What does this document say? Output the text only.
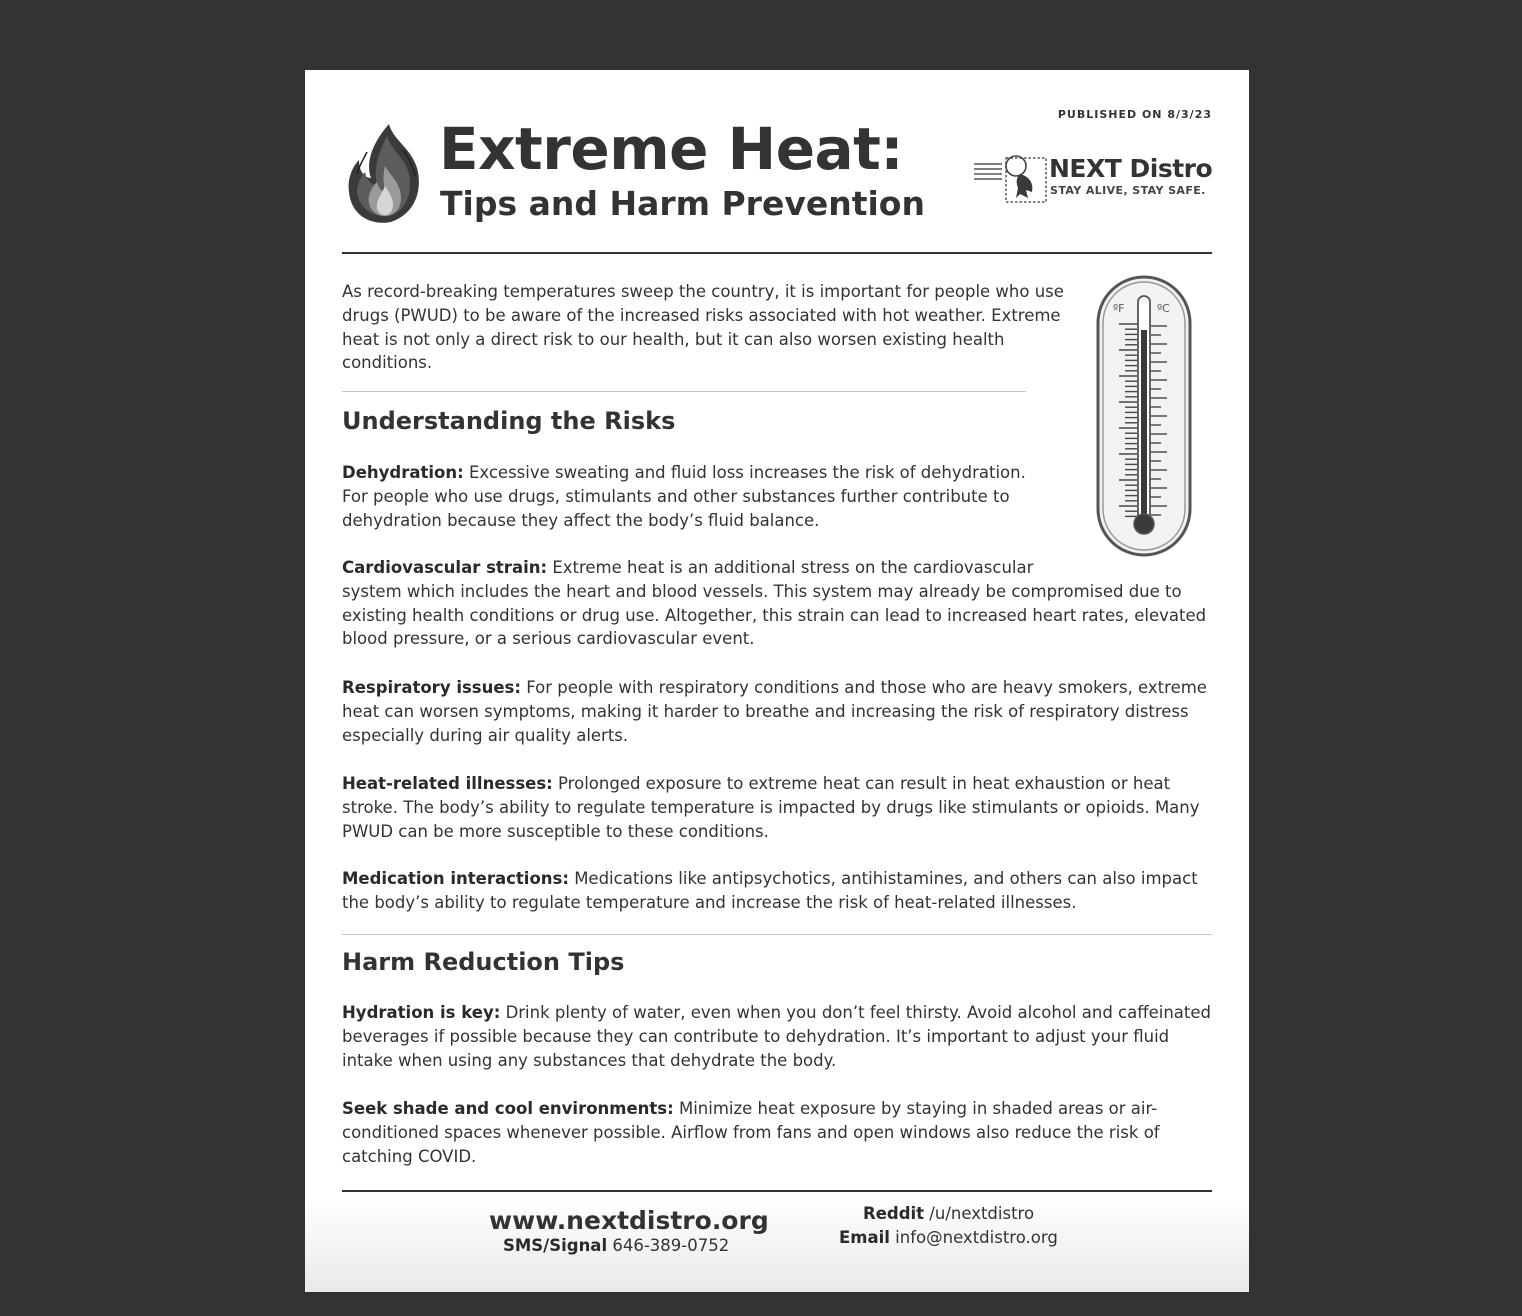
PUBLISHED ON 8/3/23
Extreme Heat:
Tips and Harm Prevention
NEXT Distro
STAY ALIVE, STAY SAFE.

As record-breaking temperatures sweep the country, it is important for people who use drugs (PWUD) to be aware of the increased risks associated with hot weather. Extreme heat is not only a direct risk to our health, but it can also worsen existing health conditions.

ºF	ºC
Understanding the Risks

Dehydration: Excessive sweating and fluid loss increases the risk of dehydration.
For people who use drugs, stimulants and other substances further contribute to
dehydration because they affect the body’s fluid balance.

Cardiovascular strain: Extreme heat is an additional stress on the cardiovascular
system which includes the heart and blood vessels. This system may already be compromised due to existing health conditions or drug use. Altogether, this strain can lead to increased heart rates, elevated blood pressure, or a serious cardiovascular event.

Respiratory issues: For people with respiratory conditions and those who are heavy smokers, extreme heat can worsen symptoms, making it harder to breathe and increasing the risk of respiratory distress especially during air quality alerts.

Heat-related illnesses: Prolonged exposure to extreme heat can result in heat exhaustion or heat stroke. The body’s ability to regulate temperature is impacted by drugs like stimulants or opioids. Many PWUD can be more susceptible to these conditions.

Medication interactions: Medications like antipsychotics, antihistamines, and others can also impact the body’s ability to regulate temperature and increase the risk of heat-related illnesses.

Harm Reduction Tips

Hydration is key: Drink plenty of water, even when you don’t feel thirsty. Avoid alcohol and caffeinated beverages if possible because they can contribute to dehydration. It’s important to adjust your fluid intake when using any substances that dehydrate the body.

Seek shade and cool environments: Minimize heat exposure by staying in shaded areas or air-conditioned spaces whenever possible. Airflow from fans and open windows also reduce the risk of catching COVID.

www.nextdistro.org
SMS/Signal 646-389-0752
Reddit /u/nextdistro
Email info@nextdistro.org
